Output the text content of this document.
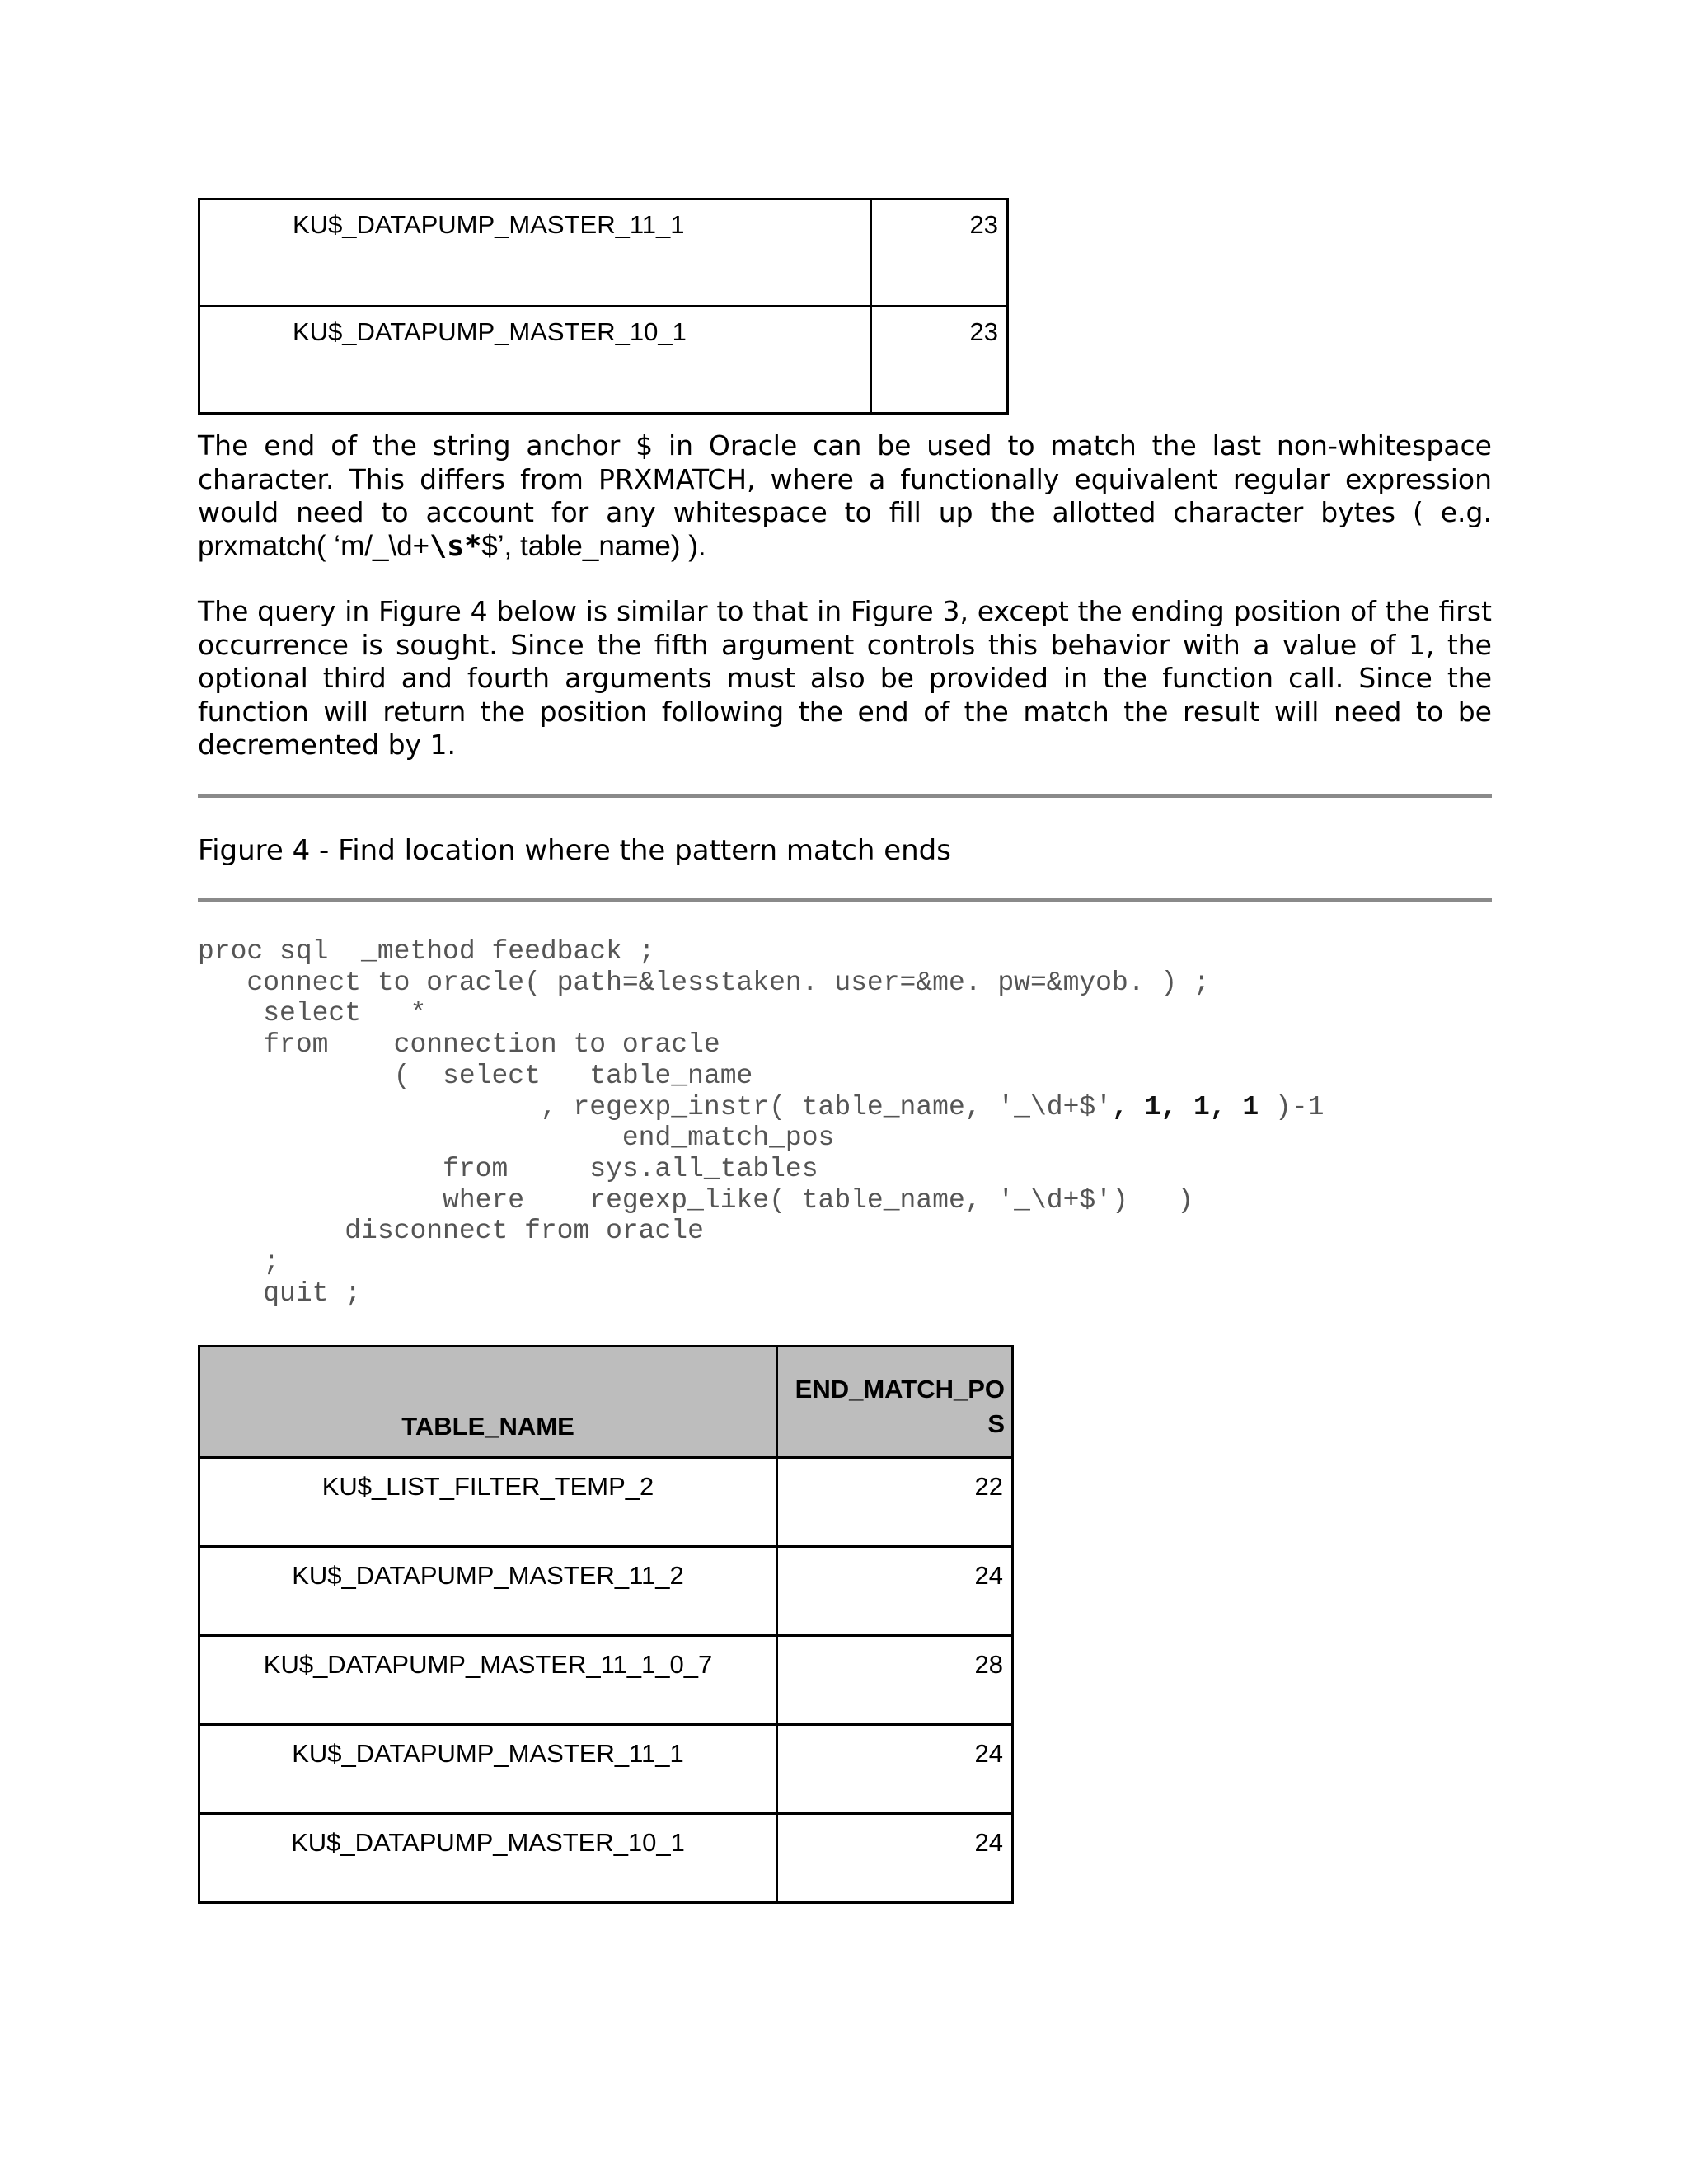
KU$_DATAPUMP_MASTER_11_1	23
KU$_DATAPUMP_MASTER_10_1	23

The end of the string anchor $ in Oracle can be used to match the last non-whitespace character. This differs from PRXMATCH, where a functionally equivalent regular expression would need to account for any whitespace to fill up the allotted character bytes ( e.g. prxmatch( ‘m/_\d+\s*$’, table_name) ).

The query in Figure 4 below is similar to that in Figure 3, except the ending position of the first occurrence is sought. Since the fifth argument controls this behavior with a value of 1, the optional third and fourth arguments must also be provided in the function call. Since the function will return the position following the end of the match the result will need to be decremented by 1.

Figure 4 - Find location where the pattern match ends

proc sql  _method feedback ;
connect to oracle( path=&lesstaken. user=&me. pw=&myob. ) ;
select   *
from    connection to oracle
(  select   table_name
, regexp_instr( table_name, '_\d+$', 1, 1, 1 )-1
end_match_pos
from     sys.all_tables
where    regexp_like( table_name, '_\d+$')   )
disconnect from oracle
;
quit ;
TABLE_NAME	END_MATCH_PO
S
KU$_LIST_FILTER_TEMP_2	22
KU$_DATAPUMP_MASTER_11_2	24
KU$_DATAPUMP_MASTER_11_1_0_7	28
KU$_DATAPUMP_MASTER_11_1	24
KU$_DATAPUMP_MASTER_10_1	24
